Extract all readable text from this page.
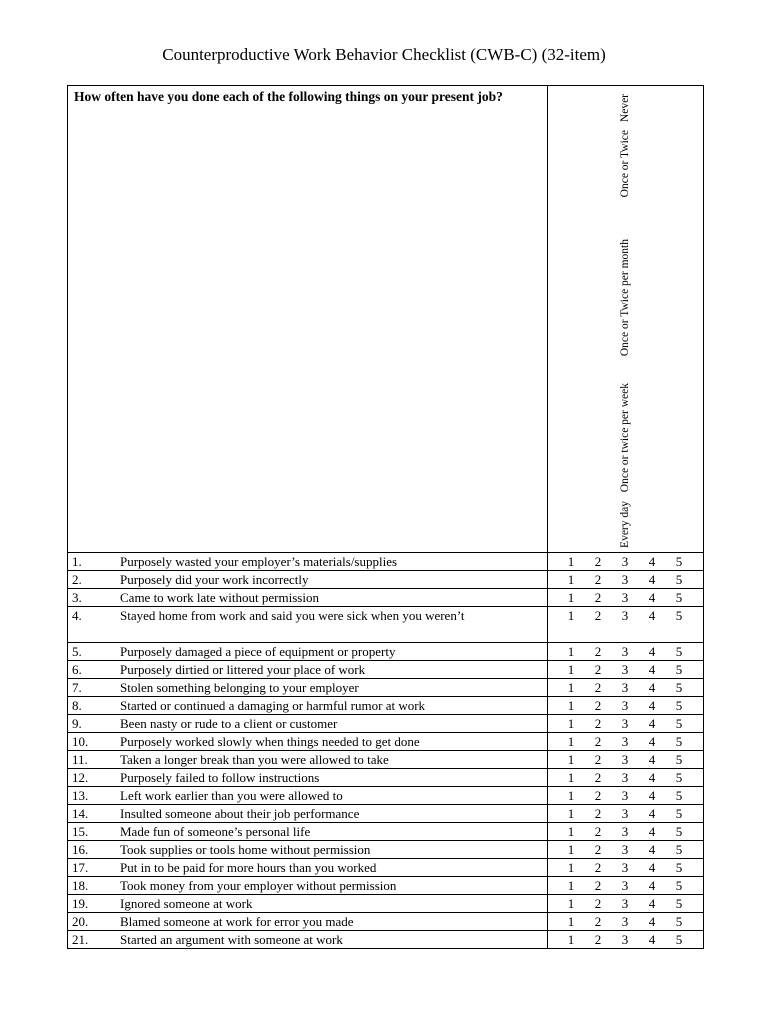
Counterproductive Work Behavior Checklist (CWB-C) (32-item)
How often have you done each of the following things on your present job?	Every day
Once or twice per week
Once or Twice per month
Once or Twice
Never

1. Purposely wasted your employer’s materials/supplies	1 2 3 4 5

2. Purposely did your work incorrectly	1 2 3 4 5

3. Came to work late without permission	1 2 3 4 5

4. Stayed home from work and said you were sick when you weren’t	1 2 3 4 5

5. Purposely damaged a piece of equipment or property	1 2 3 4 5

6. Purposely dirtied or littered your place of work	1 2 3 4 5

7. Stolen something belonging to your employer	1 2 3 4 5

8. Started or continued a damaging or harmful rumor at work	1 2 3 4 5

9. Been nasty or rude to a client or customer	1 2 3 4 5

10. Purposely worked slowly when things needed to get done	1 2 3 4 5

11. Taken a longer break than you were allowed to take	1 2 3 4 5

12. Purposely failed to follow instructions	1 2 3 4 5

13. Left work earlier than you were allowed to	1 2 3 4 5

14. Insulted someone about their job performance	1 2 3 4 5

15. Made fun of someone’s personal life	1 2 3 4 5

16. Took supplies or tools home without permission	1 2 3 4 5

17. Put in to be paid for more hours than you worked	1 2 3 4 5

18. Took money from your employer without permission	1 2 3 4 5

19. Ignored someone at work	1 2 3 4 5

20. Blamed someone at work for error you made	1 2 3 4 5

21. Started an argument with someone at work	1 2 3 4 5
